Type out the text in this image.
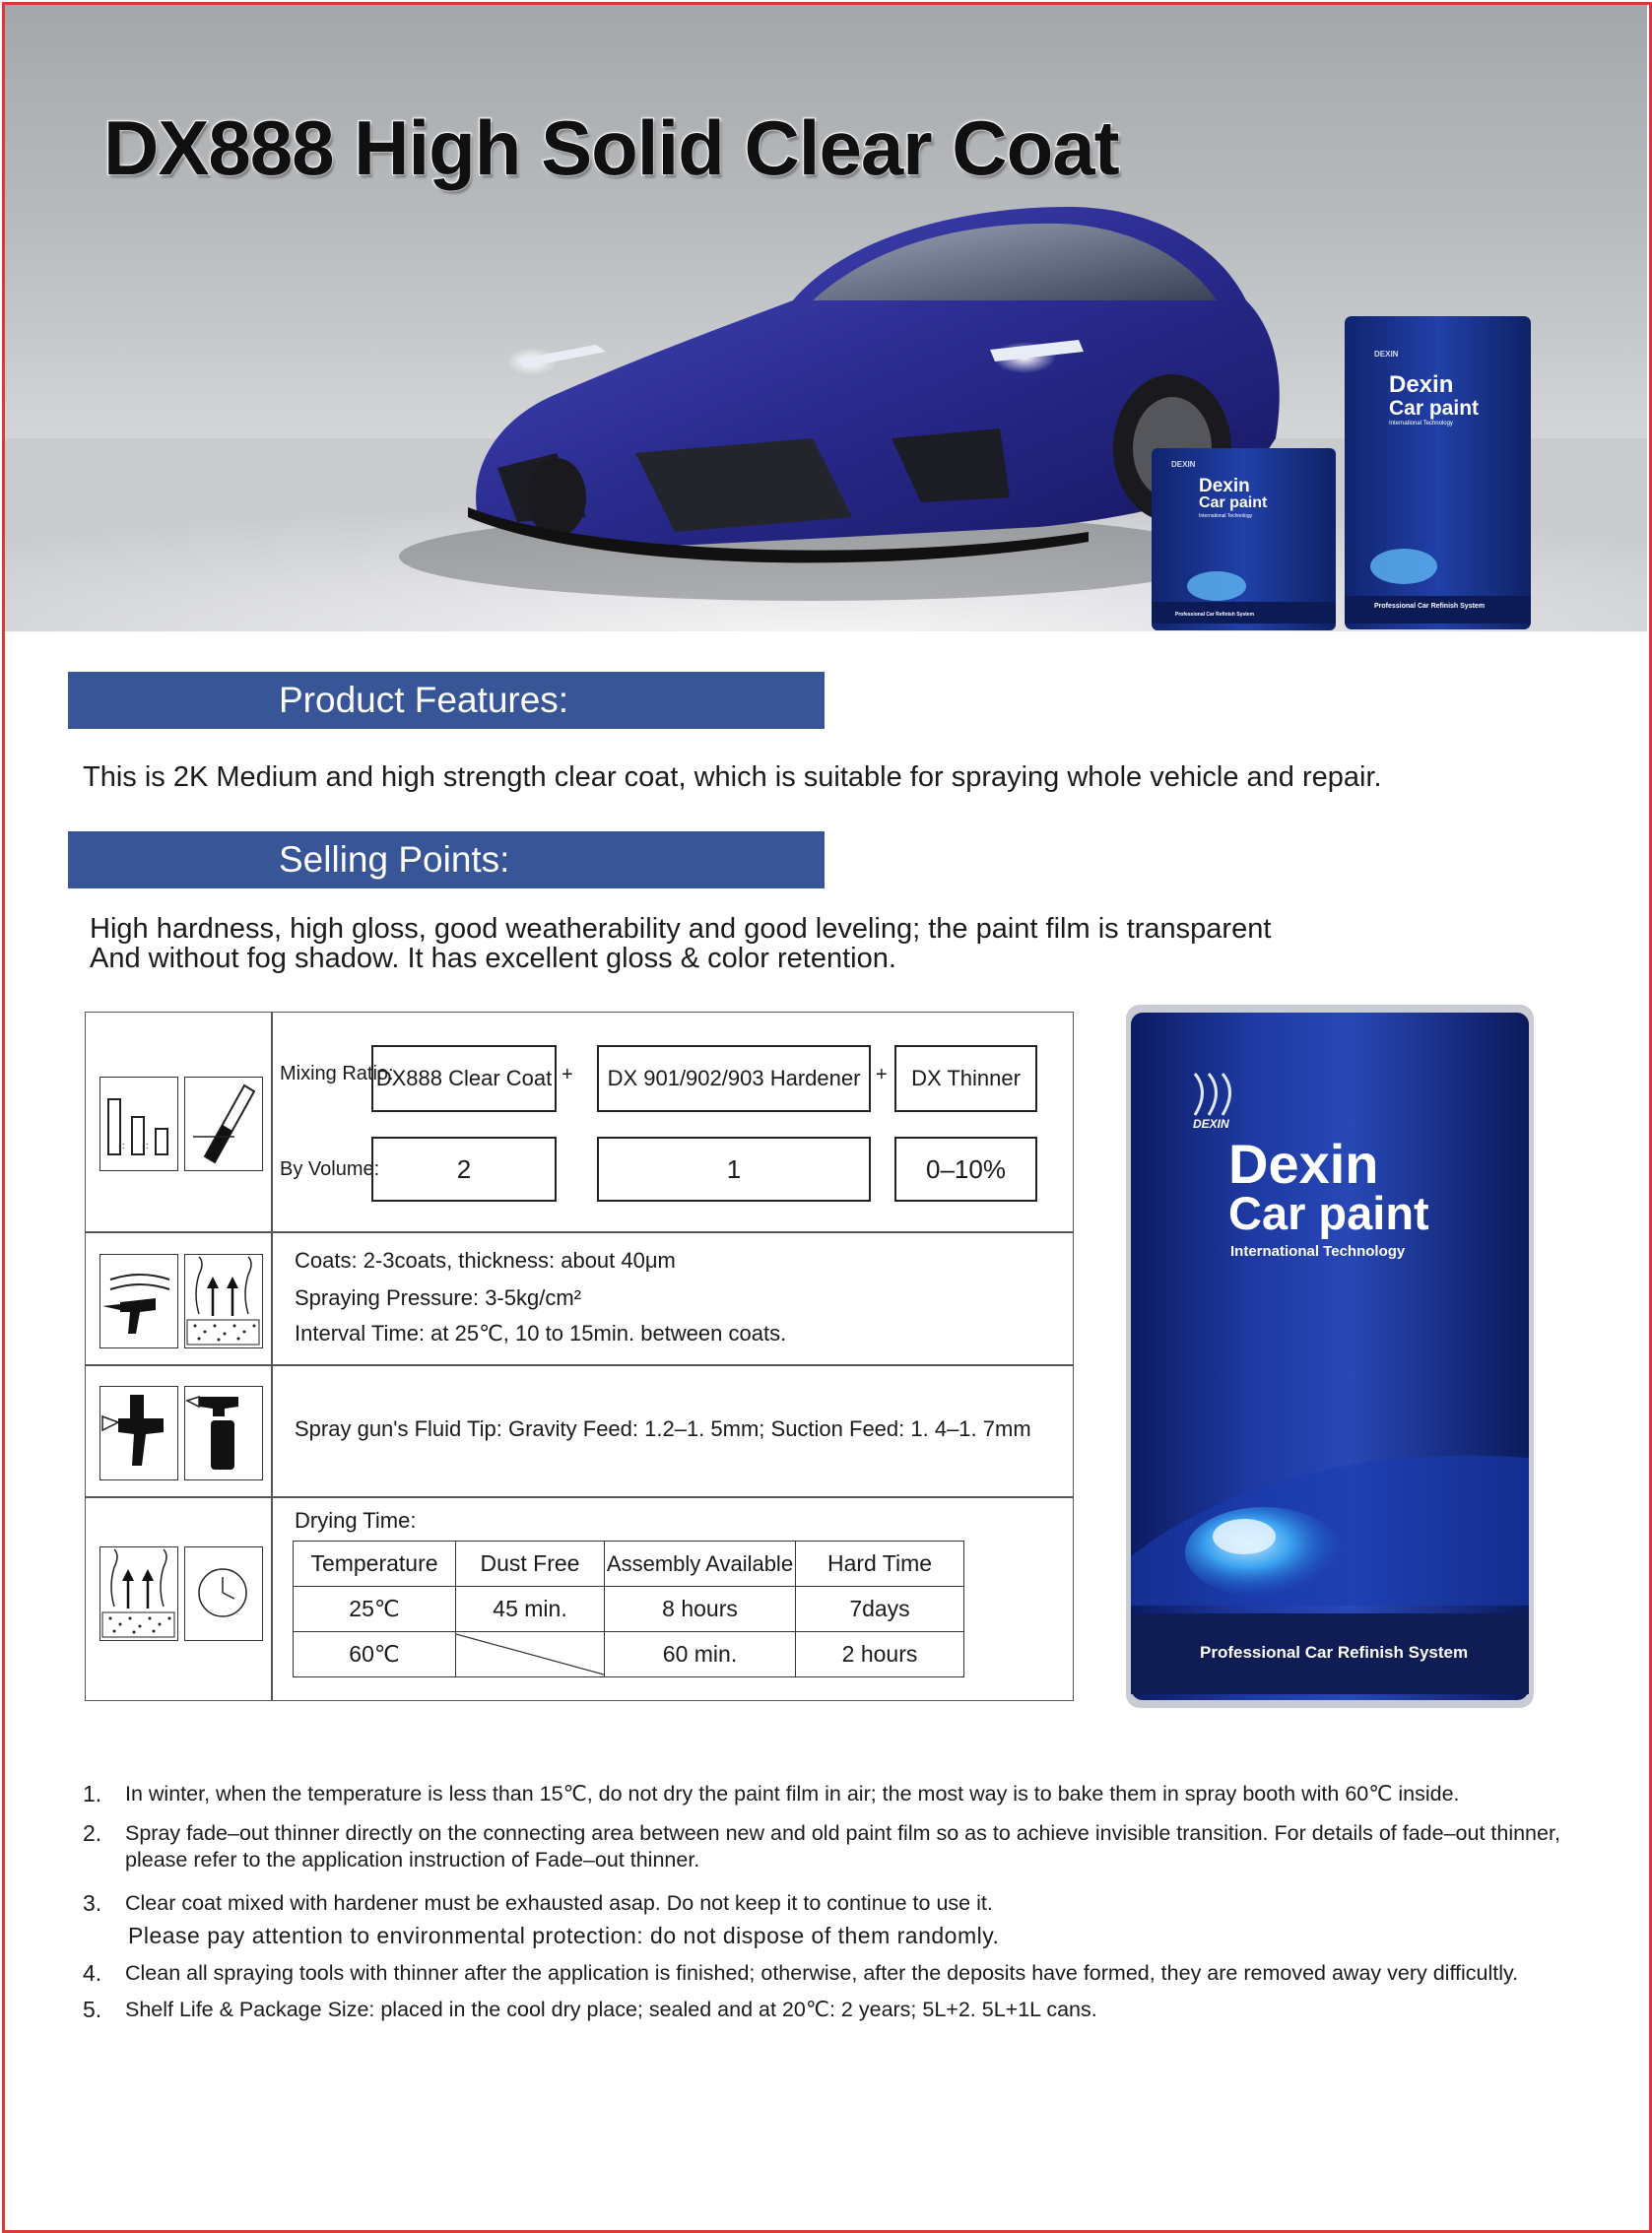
DX888 High Solid Clear Coat
DEXIN
Dexin
Car paint
International Technology
Professional Car Refinish System
DEXIN
Dexin
Car paint
International Technology
Professional Car Refinish System
Product Features:
This is 2K Medium and high strength clear coat, which is suitable for spraying whole vehicle and repair.
Selling Points:
High hardness, high gloss, good weatherability and good leveling; the paint film is transparent
And without fog shadow. It has excellent gloss & color retention.
: :
Mixing Ratio:
DX888 Clear Coat +	DX 901/902/903 Hardener +	DX Thinner
By Volume:	2	1	0–10%
Coats: 2-3coats, thickness: about 40μm
Spraying Pressure: 3-5kg/cm²
Interval Time: at 25℃, 10 to 15min. between coats.
Spray gun's Fluid Tip: Gravity Feed: 1.2–1. 5mm; Suction Feed: 1. 4–1. 7mm
Drying Time:
Temperature	Dust Free	Assembly Available	Hard Time
25℃	45 min.	8 hours	7days
60℃		60 min.	2 hours
DEXIN
Dexin
Car paint
International Technology
Professional Car Refinish System
1. In winter, when the temperature is less than 15℃, do not dry the paint film in air; the most way is to bake them in spray booth with 60℃ inside.
2. Spray fade–out thinner directly on the connecting area between new and old paint film so as to achieve invisible transition. For details of fade–out thinner, please refer to the application instruction of Fade–out thinner.
3. Clear coat mixed with hardener must be exhausted asap. Do not keep it to continue to use it.
Please pay attention to environmental protection: do not dispose of them randomly.
4. Clean all spraying tools with thinner after the application is finished; otherwise, after the deposits have formed, they are removed away very difficultly.
5. Shelf Life & Package Size: placed in the cool dry place; sealed and at 20℃: 2 years; 5L+2. 5L+1L cans.
